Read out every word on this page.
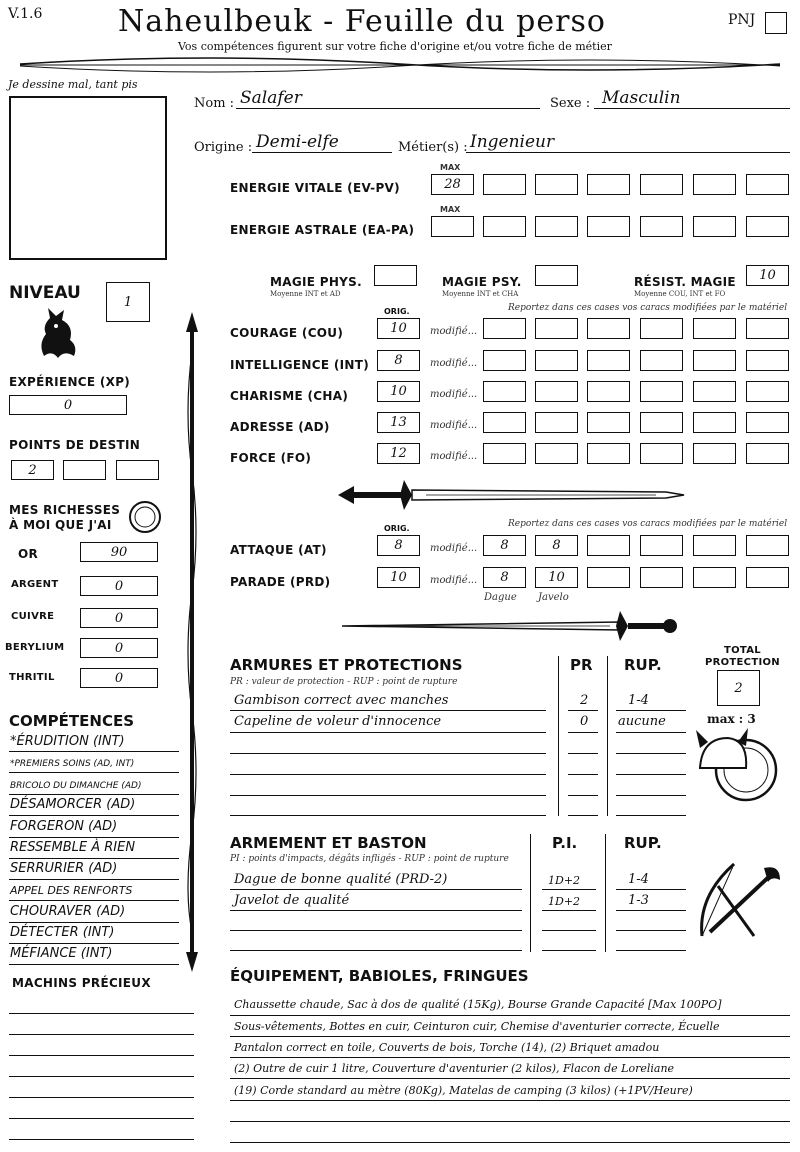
V.1.6	Naheulbeuk - Feuille du perso
Vos compétences figurent sur votre fiche d'origine et/ou votre fiche de métier
PNJ
Je dessine mal, tant pis
Nom : Salafer	Sexe : Masculin
Origine : Demi-elfe	Métier(s) : Ingenieur
MAX
ENERGIE VITALE (EV-PV)	28
MAX
ENERGIE ASTRALE (EA-PA)
MAGIE PHYS.
Moyenne INT et AD
MAGIE PSY.
Moyenne INT et CHA
RÉSIST. MAGIE
Moyenne COU, INT et FO
10
NIVEAU	1
EXPÉRIENCE (XP)
0
POINTS DE DESTIN
2
MES RICHESSES
À MOI QUE J'AI
OR	90
ARGENT	0
CUIVRE	0
BERYLIUM	0
THRITIL	0
COMPÉTENCES
*ÉRUDITION (INT)
*PREMIERS SOINS (AD, INT)
BRICOLO DU DIMANCHE (AD)
DÉSAMORCER (AD)
FORGERON (AD)
RESSEMBLE À RIEN
SERRURIER (AD)
APPEL DES RENFORTS
CHOURAVER (AD)
DÉTECTER (INT)
MÉFIANCE (INT)
MACHINS PRÉCIEUX
ORIG.	Reportez dans ces cases vos caracs modifiées par le matériel
COURAGE (COU)	10	modifié...
INTELLIGENCE (INT)	8	modifié...
CHARISME (CHA)	10	modifié...
ADRESSE (AD)	13	modifié...
FORCE (FO)	12	modifié...
ORIG.	Reportez dans ces cases vos caracs modifiées par le matériel
ATTAQUE (AT)	8	modifié...	8	8
PARADE (PRD)	10	modifié...	8	10
Dague Javelo
ARMURES ET PROTECTIONS
PR : valeur de protection - RUP : point de rupture
PR RUP.
Gambison correct avec manches	2	1-4
Capeline de voleur d'innocence	0 aucune
TOTAL
PROTECTION
2
max : 3
ARMEMENT ET BASTON
PI : points d'impacts, dégâts infligés - RUP : point de rupture
P.I.	RUP.
Dague de bonne qualité (PRD-2)	1D+2	1-4
Javelot de qualité	1D+2	1-3
ÉQUIPEMENT, BABIOLES, FRINGUES
Chaussette chaude, Sac à dos de qualité (15Kg), Bourse Grande Capacité [Max 100PO]
Sous-vêtements, Bottes en cuir, Ceinturon cuir, Chemise d'aventurier correcte, Écuelle
Pantalon correct en toile, Couverts de bois, Torche (14), (2) Briquet amadou
(2) Outre de cuir 1 litre, Couverture d'aventurier (2 kilos), Flacon de Loreliane
(19) Corde standard au mètre (80Kg), Matelas de camping (3 kilos) (+1PV/Heure)
